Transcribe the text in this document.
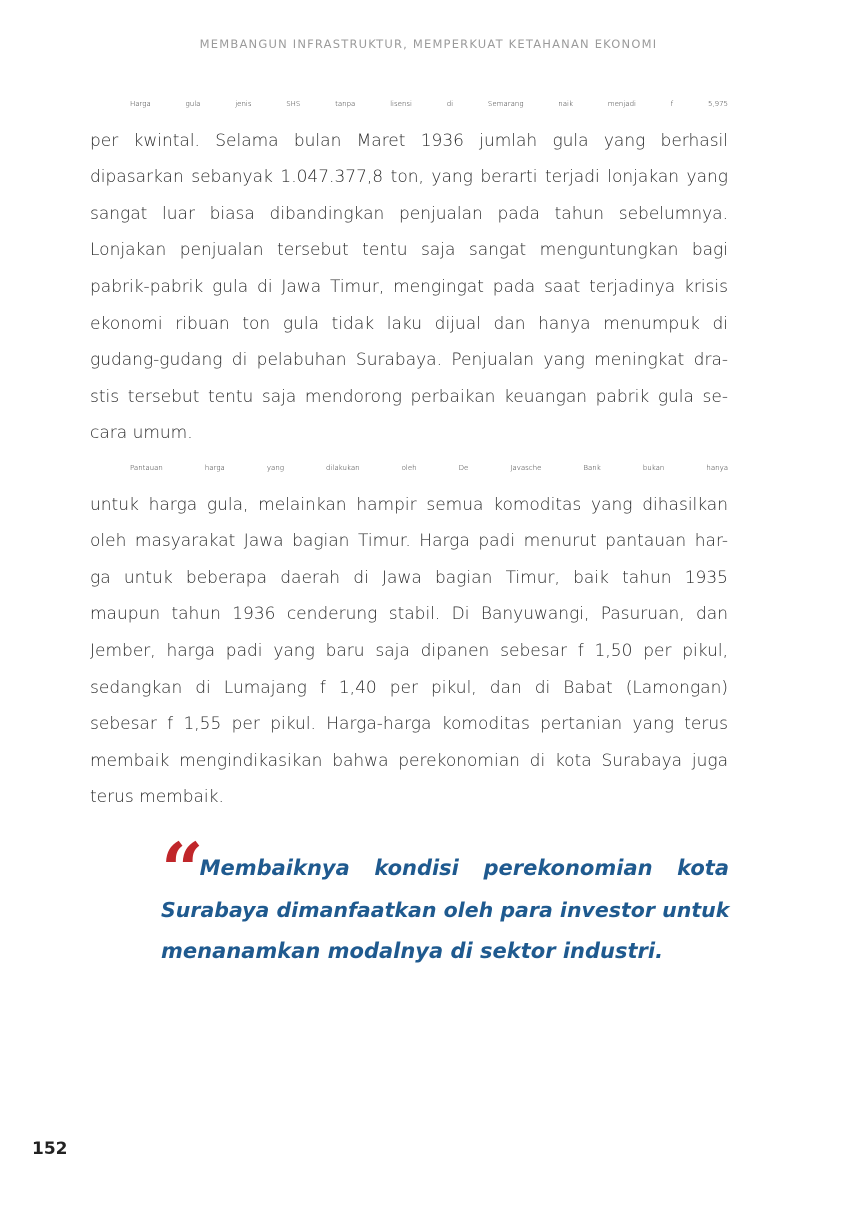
MEMBANGUN INFRASTRUKTUR, MEMPERKUAT KETAHANAN EKONOMI
Harga gula jenis SHS tanpa lisensi di Semarang naik menjadi f 5,975
per kwintal. Selama bulan Maret 1936 jumlah gula yang berhasil
dipasarkan sebanyak 1.047.377,8 ton, yang berarti terjadi lonjakan yang
sangat luar biasa dibandingkan penjualan pada tahun sebelumnya.
Lonjakan penjualan tersebut tentu saja sangat menguntungkan bagi
pabrik-pabrik gula di Jawa Timur, mengingat pada saat terjadinya krisis
ekonomi ribuan ton gula tidak laku dijual dan hanya menumpuk di
gudang-gudang di pelabuhan Surabaya. Penjualan yang meningkat dra-
stis tersebut tentu saja mendorong perbaikan keuangan pabrik gula se-
cara umum.
Pantauan harga yang dilakukan oleh De Javasche Bank bukan hanya
untuk harga gula, melainkan hampir semua komoditas yang dihasilkan
oleh masyarakat Jawa bagian Timur. Harga padi menurut pantauan har-
ga untuk beberapa daerah di Jawa bagian Timur, baik tahun 1935
maupun tahun 1936 cenderung stabil. Di Banyuwangi, Pasuruan, dan
Jember, harga padi yang baru saja dipanen sebesar f 1,50 per pikul,
sedangkan di Lumajang f 1,40 per pikul, dan di Babat (Lamongan)
sebesar f 1,55 per pikul. Harga-harga komoditas pertanian yang terus
membaik mengindikasikan bahwa perekonomian di kota Surabaya juga
terus membaik.
“Membaiknya kondisi perekonomian kota
Surabaya dimanfaatkan oleh para investor untuk
menanamkan modalnya di sektor industri.
152
